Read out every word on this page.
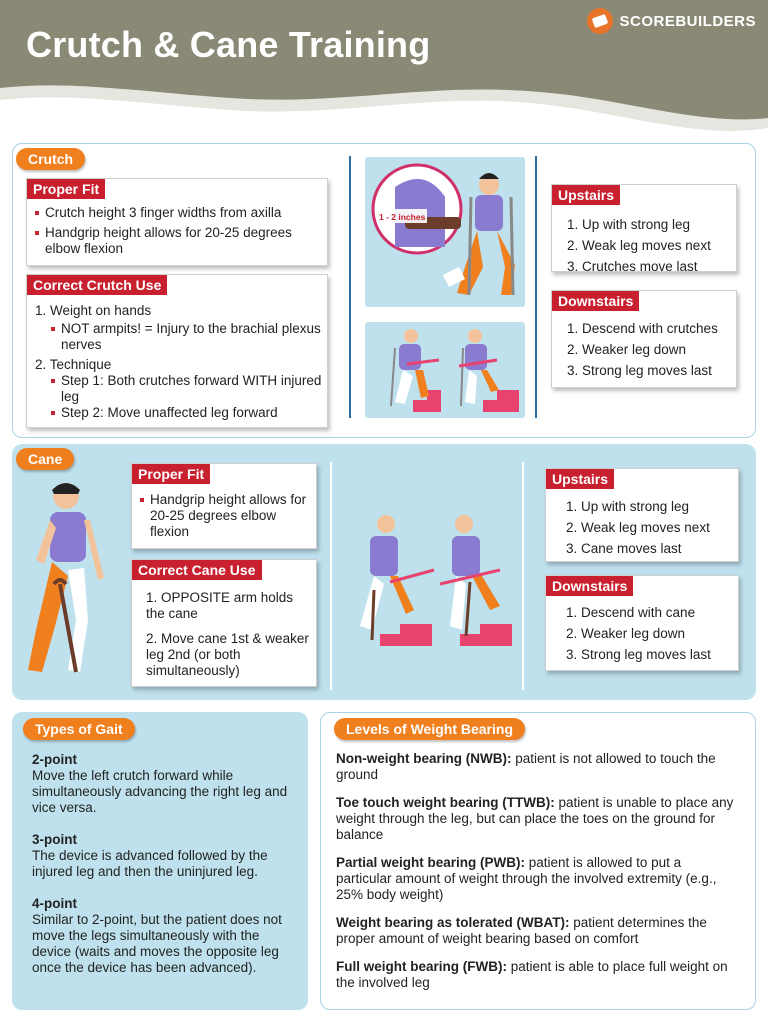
Crutch & Cane Training
SCOREBUILDERS
Crutch
Proper Fit
Crutch height 3 finger widths from axilla
Handgrip height allows for 20-25 degrees elbow flexion
Correct Crutch Use
1. Weight on hands
NOT armpits! = Injury to the brachial plexus nerves
2. Technique
Step 1: Both crutches forward WITH injured leg
Step 2: Move unaffected leg forward
1 - 2 inches
Upstairs
1. Up with strong leg
2. Weak leg moves next
3. Crutches move last
Downstairs
1. Descend with crutches
2. Weaker leg down
3. Strong leg moves last
Cane
Proper Fit
Handgrip height allows for 20-25 degrees elbow flexion
Correct Cane Use
1. OPPOSITE arm holds the cane
2. Move cane 1st & weaker leg 2nd (or both simultaneously)
Upstairs
1. Up with strong leg
2. Weak leg moves next
3. Cane moves last
Downstairs
1. Descend with cane
2. Weaker leg down
3. Strong leg moves last
Types of Gait
2-point
Move the left crutch forward while simultaneously advancing the right leg and vice versa.
3-point
The device is advanced followed by the injured leg and then the uninjured leg.
4-point
Similar to 2-point, but the patient does not move the legs simultaneously with the device (waits and moves the opposite leg once the device has been advanced).
Levels of Weight Bearing
Non-weight bearing (NWB): patient is not allowed to touch the ground
Toe touch weight bearing (TTWB): patient is unable to place any weight through the leg, but can place the toes on the ground for balance
Partial weight bearing (PWB): patient is allowed to put a particular amount of weight through the involved extremity (e.g., 25% body weight)
Weight bearing as tolerated (WBAT): patient determines the proper amount of weight bearing based on comfort
Full weight bearing (FWB): patient is able to place full weight on the involved leg
